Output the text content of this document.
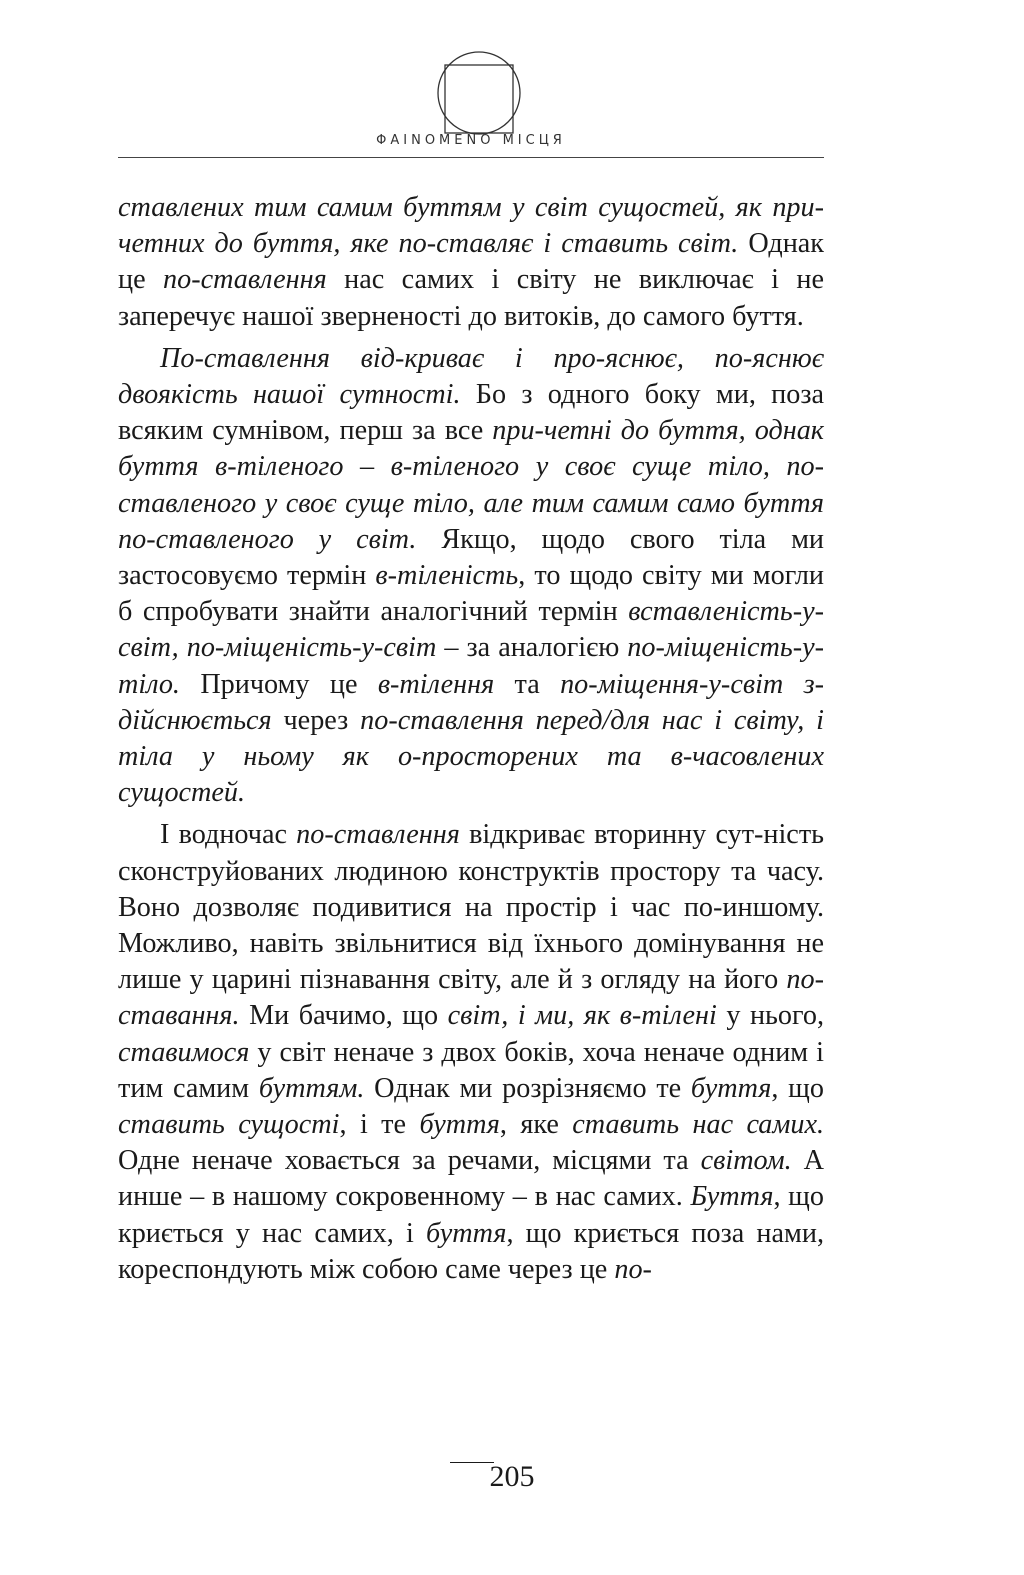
ΦΑΙΝΟΜΕΝΟ МІСЦЯ

ставлених тим самим буттям у світ сущостей, як при-четних до буття, яке по-ставляє і ставить світ. Однак це по-ставлення нас самих і світу не виключає і не заперечує нашої зверненості до витоків, до самого буття.

По-ставлення від-криває і про-яснює, по-яснює двоякість нашої сутності. Бо з одного боку ми, поза всяким сумнівом, перш за все при-четні до буття, однак буття в-тіленого – в-тіленого у своє суще тіло, по-ставленого у своє суще тіло, але тим самим само буття по-ставленого у світ. Якщо, щодо свого тіла ми застосовуємо термін в-тіленість, то щодо світу ми могли б спробувати знайти аналогічний термін вставленість-у-світ, по-міщеність-у-світ – за аналогією по-міщеність-у-тіло. Причому це в-тілення та по-міщення-у-світ з-дійснюється через по-ставлення перед/для нас і світу, і тіла у ньому як о-просторених та в-часовлених сущостей.

І водночас по-ставлення відкриває вторинну сут-ність сконструйованих людиною конструктів простору та часу. Воно дозволяє подивитися на простір і час по-иншому. Можливо, навіть звільнитися від їхнього домінування не лише у царині пізнавання світу, але й з огляду на його по-ставання. Ми бачимо, що світ, і ми, як в-тілені у нього, ставимося у світ неначе з двох боків, хоча неначе одним і тим самим буттям. Однак ми розрізняємо те буття, що ставить сущості, і те буття, яке ставить нас самих. Одне неначе ховається за речами, місцями та світом. А инше – в нашому сокровенному – в нас самих. Буття, що криється у нас самих, і буття, що криється поза нами, кореспондують між собою саме через це по-

205
